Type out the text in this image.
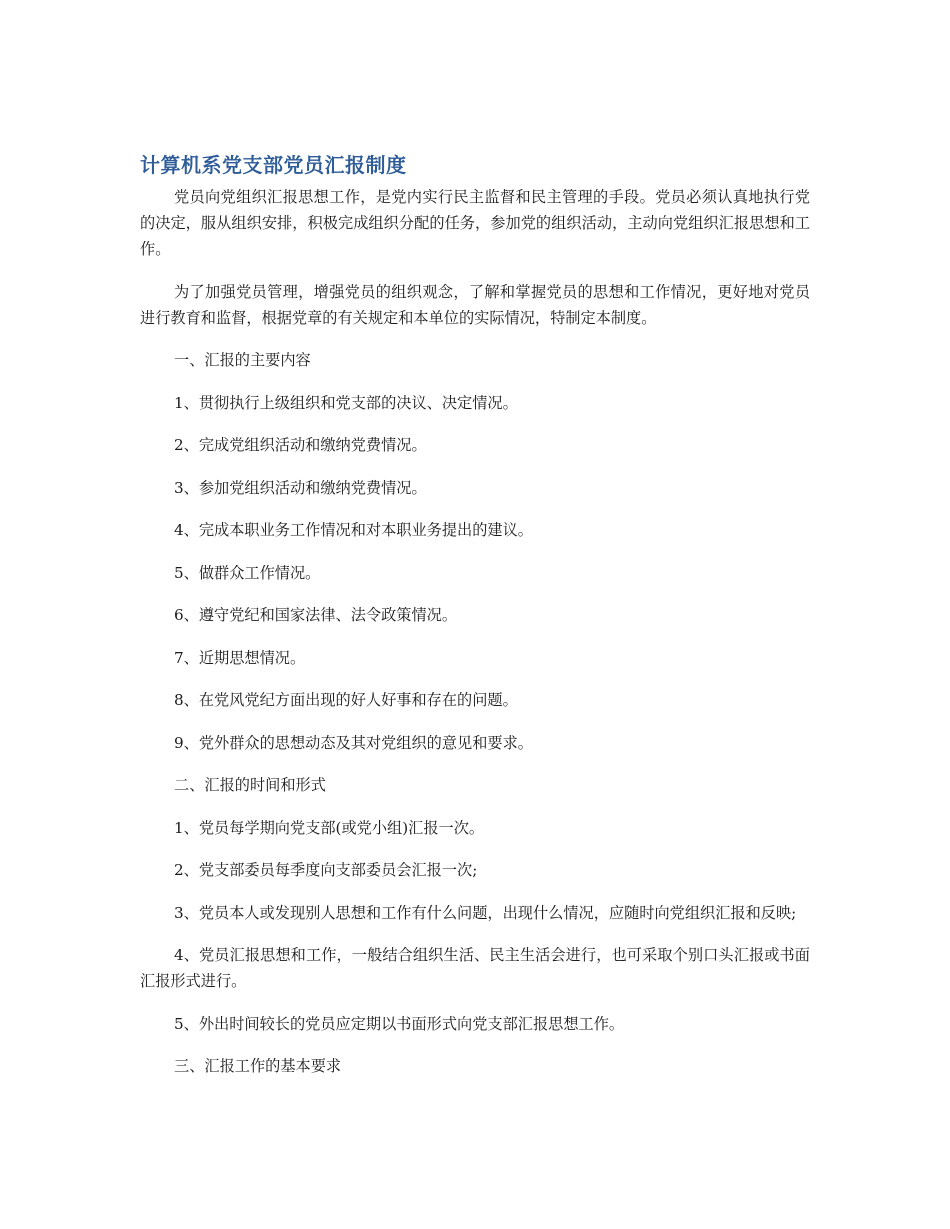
计算机系党支部党员汇报制度

党员向党组织汇报思想工作，是党内实行民主监督和民主管理的手段。党员必须认真地执行党的决定，服从组织安排，积极完成组织分配的任务，参加党的组织活动，主动向党组织汇报思想和工作。

为了加强党员管理，增强党员的组织观念，了解和掌握党员的思想和工作情况，更好地对党员进行教育和监督，根据党章的有关规定和本单位的实际情况，特制定本制度。

一、汇报的主要内容

1、贯彻执行上级组织和党支部的决议、决定情况。

2、完成党组织活动和缴纳党费情况。

3、参加党组织活动和缴纳党费情况。

4、完成本职业务工作情况和对本职业务提出的建议。

5、做群众工作情况。

6、遵守党纪和国家法律、法令政策情况。

7、近期思想情况。

8、在党风党纪方面出现的好人好事和存在的问题。

9、党外群众的思想动态及其对党组织的意见和要求。

二、汇报的时间和形式

1、党员每学期向党支部(或党小组)汇报一次。

2、党支部委员每季度向支部委员会汇报一次;

3、党员本人或发现别人思想和工作有什么问题，出现什么情况，应随时向党组织汇报和反映;

4、党员汇报思想和工作，一般结合组织生活、民主生活会进行，也可采取个别口头汇报或书面汇报形式进行。

5、外出时间较长的党员应定期以书面形式向党支部汇报思想工作。

三、汇报工作的基本要求
